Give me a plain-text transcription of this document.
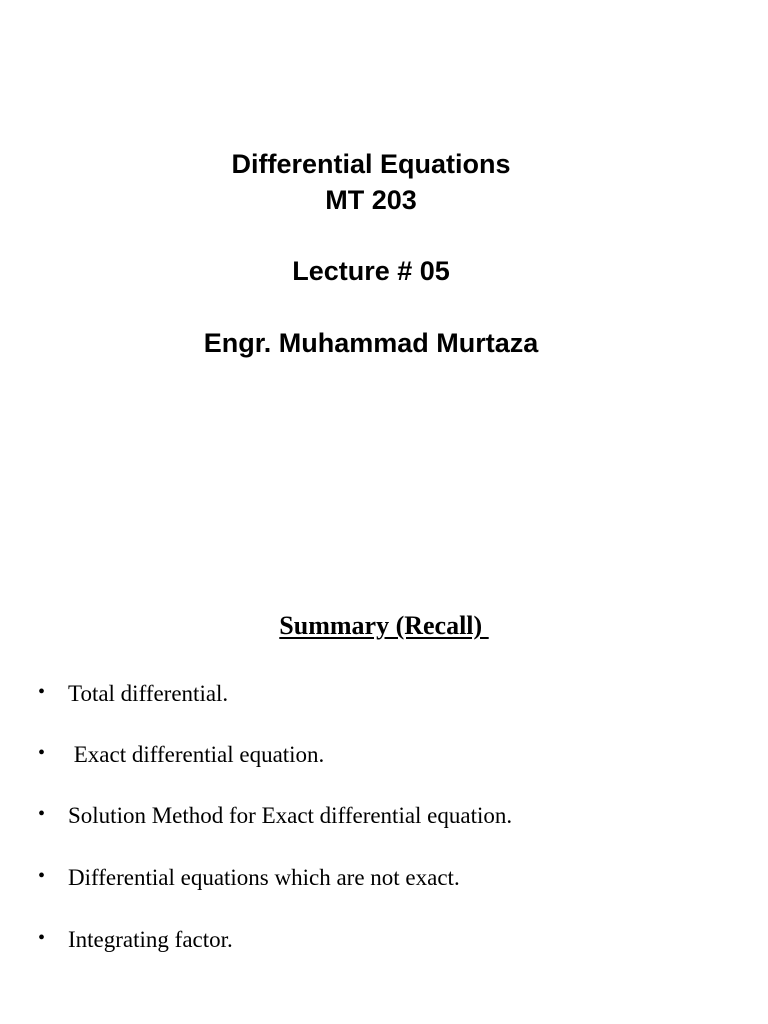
Differential Equations
MT 203
Lecture # 05
Engr. Muhammad Murtaza
Summary (Recall)
• Total differential.
• Exact differential equation.
• Solution Method for Exact differential equation.
• Differential equations which are not exact.
• Integrating factor.
